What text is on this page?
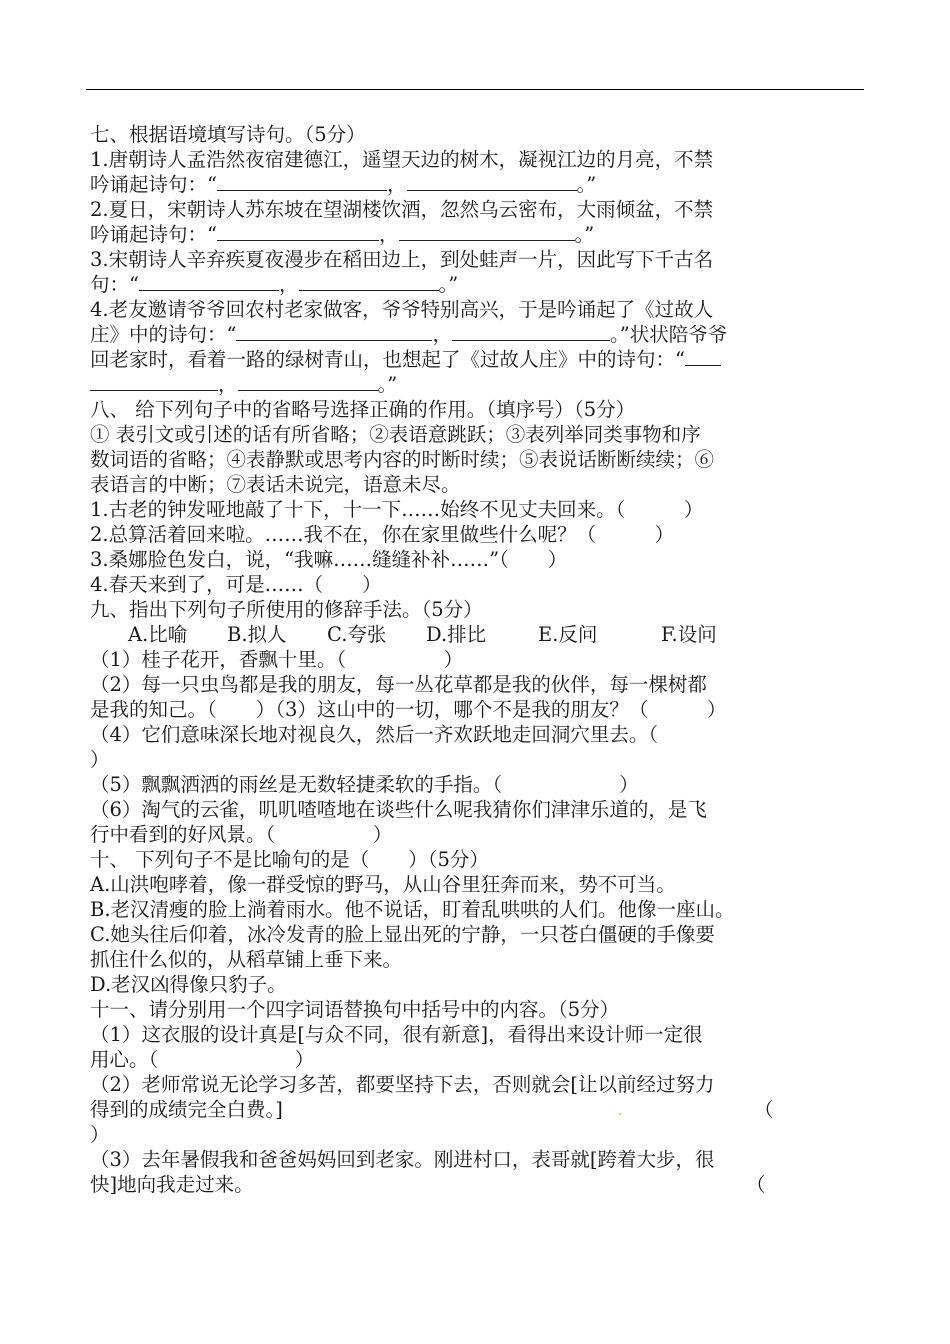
七、根据语境填写诗句。（5分）
1.唐朝诗人孟浩然夜宿建德江，遥望天边的树木，凝视江边的月亮，不禁
吟诵起诗句：“	，	。”
2.夏日，宋朝诗人苏东坡在望湖楼饮酒，忽然乌云密布，大雨倾盆，不禁
吟诵起诗句：“	，	。”
3.宋朝诗人辛弃疾夏夜漫步在稻田边上，到处蛙声一片，因此写下千古名
句：“	，	。”
4.老友邀请爷爷回农村老家做客，爷爷特别高兴，于是吟诵起了《过故人
庄》中的诗句：“	，	。”状状陪爷爷
回老家时，看着一路的绿树青山，也想起了《过故人庄》中的诗句：“
，	。”
八、 给下列句子中的省略号选择正确的作用。（填序号）（5分）
① 表引文或引述的话有所省略；②表语意跳跃；③表列举同类事物和序
数词语的省略；④表静默或思考内容的时断时续；⑤表说话断断续续；⑥
表语言的中断；⑦表话未说完，语意未尽。
1.古老的钟发哑地敲了十下，十一下……始终不见丈夫回来。（　　　）
2.总算活着回来啦。……我不在，你在家里做些什么呢？（　　　）
3.桑娜脸色发白，说，“我嘛……缝缝补补……”（　　）
4.春天来到了，可是……（　　）
九、指出下列句子所使用的修辞手法。（5分）
A.比喻 B.拟人 C.夸张 D.排比	E.反问	F.设问
（1）桂子花开，香飘十里。（　　　　　）
（2）每一只虫鸟都是我的朋友，每一丛花草都是我的伙伴，每一棵树都
是我的知己。（　　）（3）这山中的一切，哪个不是我的朋友？（　　　）
（4）它们意味深长地对视良久，然后一齐欢跃地走回洞穴里去。（
）
（5）飘飘洒洒的雨丝是无数轻捷柔软的手指。（　　　　　　）
（6）淘气的云雀，叽叽喳喳地在谈些什么呢我猜你们津津乐道的，是飞
行中看到的好风景。（　　　　　）
十、 下列句子不是比喻句的是（　　）（5分）
A.山洪咆哮着，像一群受惊的野马，从山谷里狂奔而来，势不可当。
B.老汉清瘦的脸上淌着雨水。他不说话，盯着乱哄哄的人们。他像一座山。
C.她头往后仰着，冰冷发青的脸上显出死的宁静，一只苍白僵硬的手像要
抓住什么似的，从稻草铺上垂下来。
D.老汉凶得像只豹子。
十一、请分别用一个四字词语替换句中括号中的内容。（5分）
（1）这衣服的设计真是[与众不同，很有新意]，看得出来设计师一定很
用心。（　　　　　　　）
（2）老师常说无论学习多苦，都要坚持下去，否则就会[让以前经过努力
得到的成绩完全白费。]	.	（
）
（3）去年暑假我和爸爸妈妈回到老家。刚进村口，表哥就[跨着大步，很
快]地向我走过来。	（
